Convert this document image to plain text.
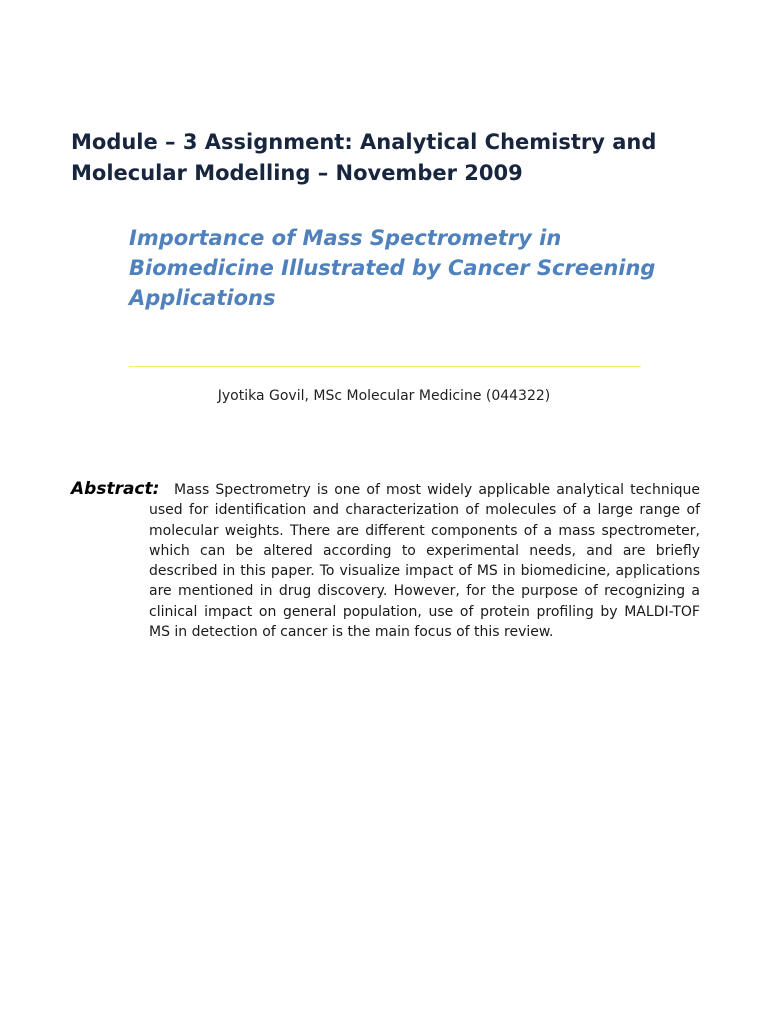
Module – 3 Assignment: Analytical Chemistry and Molecular Modelling – November 2009
Importance of Mass Spectrometry in Biomedicine Illustrated by Cancer Screening Applications
Jyotika Govil, MSc Molecular Medicine (044322)
Abstract:	Mass Spectrometry is one of most widely applicable analytical technique used for identification and characterization of molecules of a large range of molecular weights. There are different components of a mass spectrometer, which can be altered according to experimental needs, and are briefly described in this paper. To visualize impact of MS in biomedicine, applications are mentioned in drug discovery. However, for the purpose of recognizing a clinical impact on general population, use of protein profiling by MALDI-TOF MS in detection of cancer is the main focus of this review.
